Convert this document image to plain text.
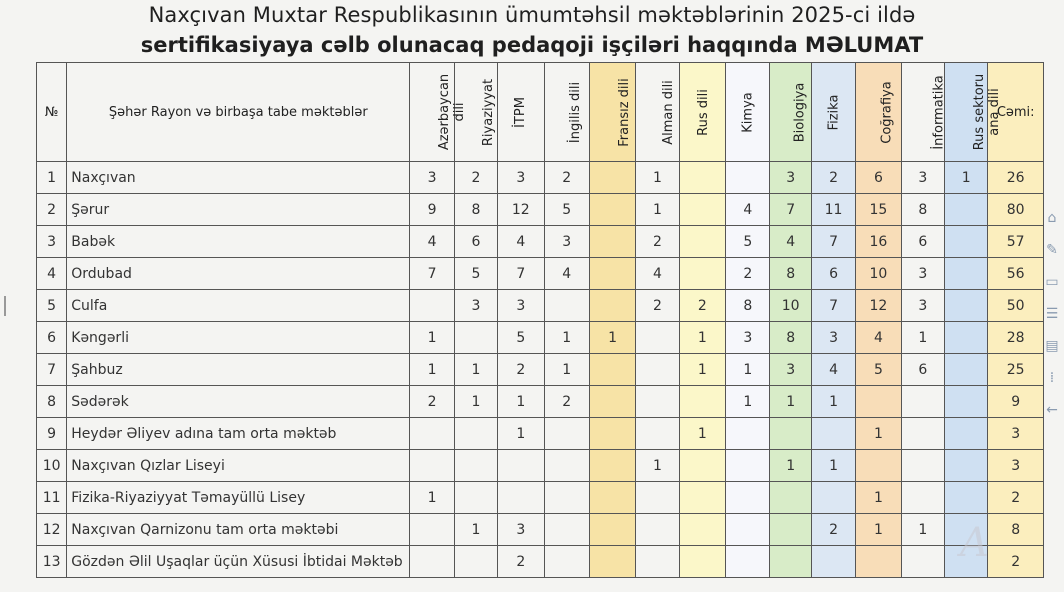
Naxçıvan Muxtar Respublikasının ümumtəhsil məktəblərinin 2025-ci ildə
sertifikasiyaya cəlb olunacaq pedaqoji işçiləri haqqında MƏLUMAT
№	Şəhər Rayon və birbaşa tabe məktəblər	Azərbaycan dili	Riyaziyyat	İTPM	İngilis dili	Fransız dili	Alman dili	Rus dili	Kimya	Biologiya	Fizika	Coğrafiya	İnformatika	Rus sektoru ana dili	Cəmi:
1	Naxçıvan	3	2	3	2		1			3	2	6	3	1	26
2	Şərur	9	8	12	5		1		4	7	11	15	8		80
3	Babək	4	6	4	3		2		5	4	7	16	6		57
4	Ordubad	7	5	7	4		4		2	8	6	10	3		56
5	Culfa		3	3			2	2	8	10	7	12	3		50
6	Kəngərli	1		5	1	1		1	3	8	3	4	1		28
7	Şahbuz	1	1	2	1			1	1	3	4	5	6		25
8	Sədərək	2	1	1	2				1	1	1				9
9	Heydər Əliyev adına tam orta məktəb			1				1				1			3
10	Naxçıvan Qızlar Liseyi						1			1	1				3
11	Fizika-Riyaziyyat Təmayüllü Lisey	1										1			2
12	Naxçıvan Qarnizonu tam orta məktəbi		1	3							2	1	1		8
13	Gözdən Əlil Uşaqlar üçün Xüsusi İbtidai Məktəb			2											2
⌂
✎
▭
☰
▤
⁞
←
A
